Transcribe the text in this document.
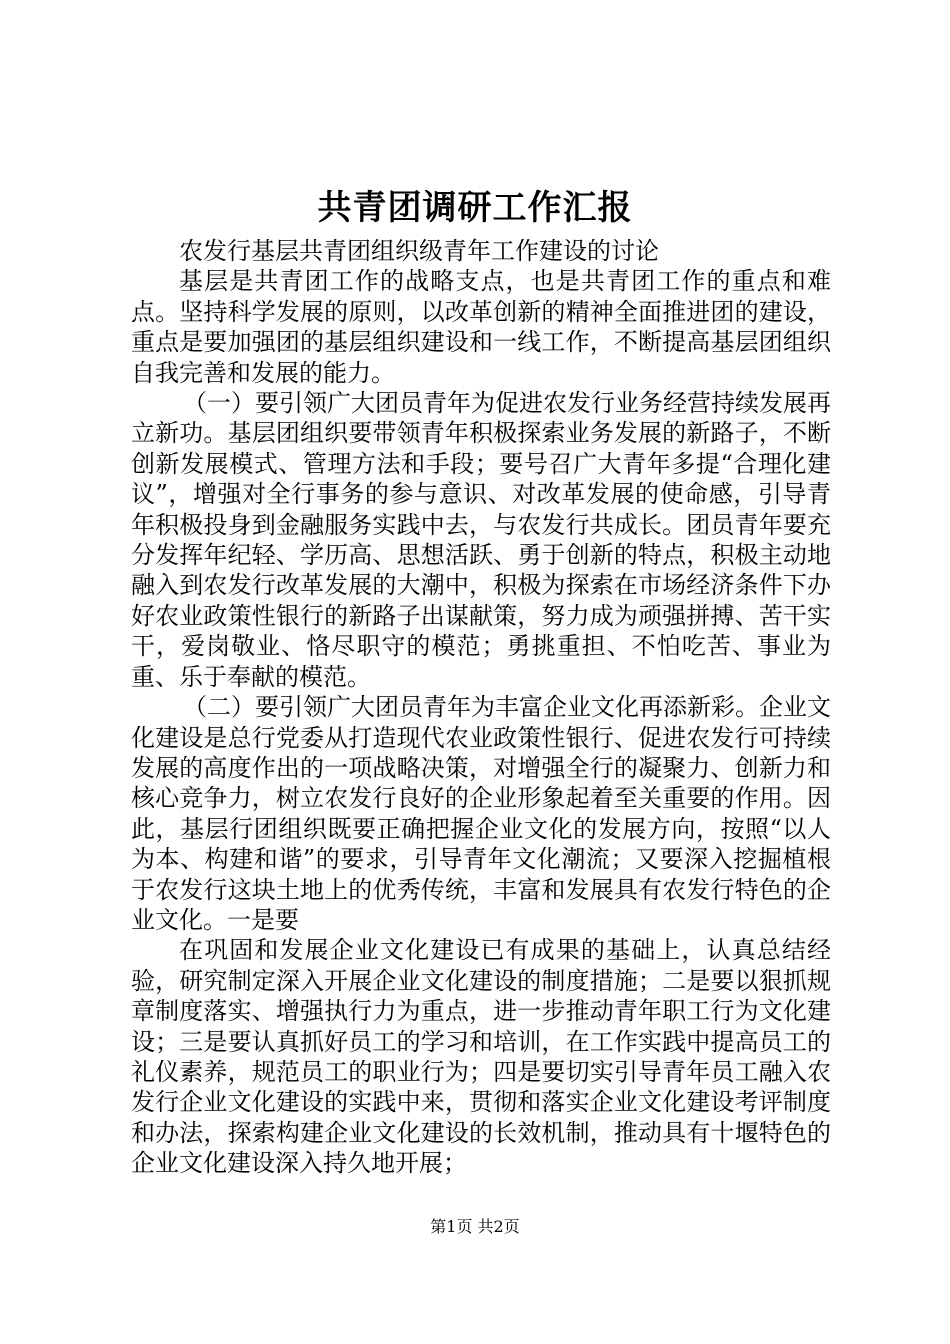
共青团调研工作汇报

农发行基层共青团组织级青年工作建设的讨论

基层是共青团工作的战略支点，也是共青团工作的重点和难点。坚持科学发展的原则，以改革创新的精神全面推进团的建设，重点是要加强团的基层组织建设和一线工作，不断提高基层团组织自我完善和发展的能力。

（一）要引领广大团员青年为促进农发行业务经营持续发展再立新功。基层团组织要带领青年积极探索业务发展的新路子，不断创新发展模式、管理方法和手段；要号召广大青年多提“合理化建议”，增强对全行事务的参与意识、对改革发展的使命感，引导青年积极投身到金融服务实践中去，与农发行共成长。团员青年要充分发挥年纪轻、学历高、思想活跃、勇于创新的特点，积极主动地融入到农发行改革发展的大潮中，积极为探索在市场经济条件下办好农业政策性银行的新路子出谋献策，努力成为顽强拼搏、苦干实干，爱岗敬业、恪尽职守的模范；勇挑重担、不怕吃苦、事业为重、乐于奉献的模范。

（二）要引领广大团员青年为丰富企业文化再添新彩。企业文化建设是总行党委从打造现代农业政策性银行、促进农发行可持续发展的高度作出的一项战略决策，对增强全行的凝聚力、创新力和核心竞争力，树立农发行良好的企业形象起着至关重要的作用。因此，基层行团组织既要正确把握企业文化的发展方向，按照“以人为本、构建和谐”的要求，引导青年文化潮流；又要深入挖掘植根于农发行这块土地上的优秀传统，丰富和发展具有农发行特色的企业文化。一是要

在巩固和发展企业文化建设已有成果的基础上，认真总结经验，研究制定深入开展企业文化建设的制度措施；二是要以狠抓规章制度落实、增强执行力为重点，进一步推动青年职工行为文化建设；三是要认真抓好员工的学习和培训，在工作实践中提高员工的礼仪素养，规范员工的职业行为；四是要切实引导青年员工融入农发行企业文化建设的实践中来，贯彻和落实企业文化建设考评制度和办法，探索构建企业文化建设的长效机制，推动具有十堰特色的企业文化建设深入持久地开展；

第1页 共2页
